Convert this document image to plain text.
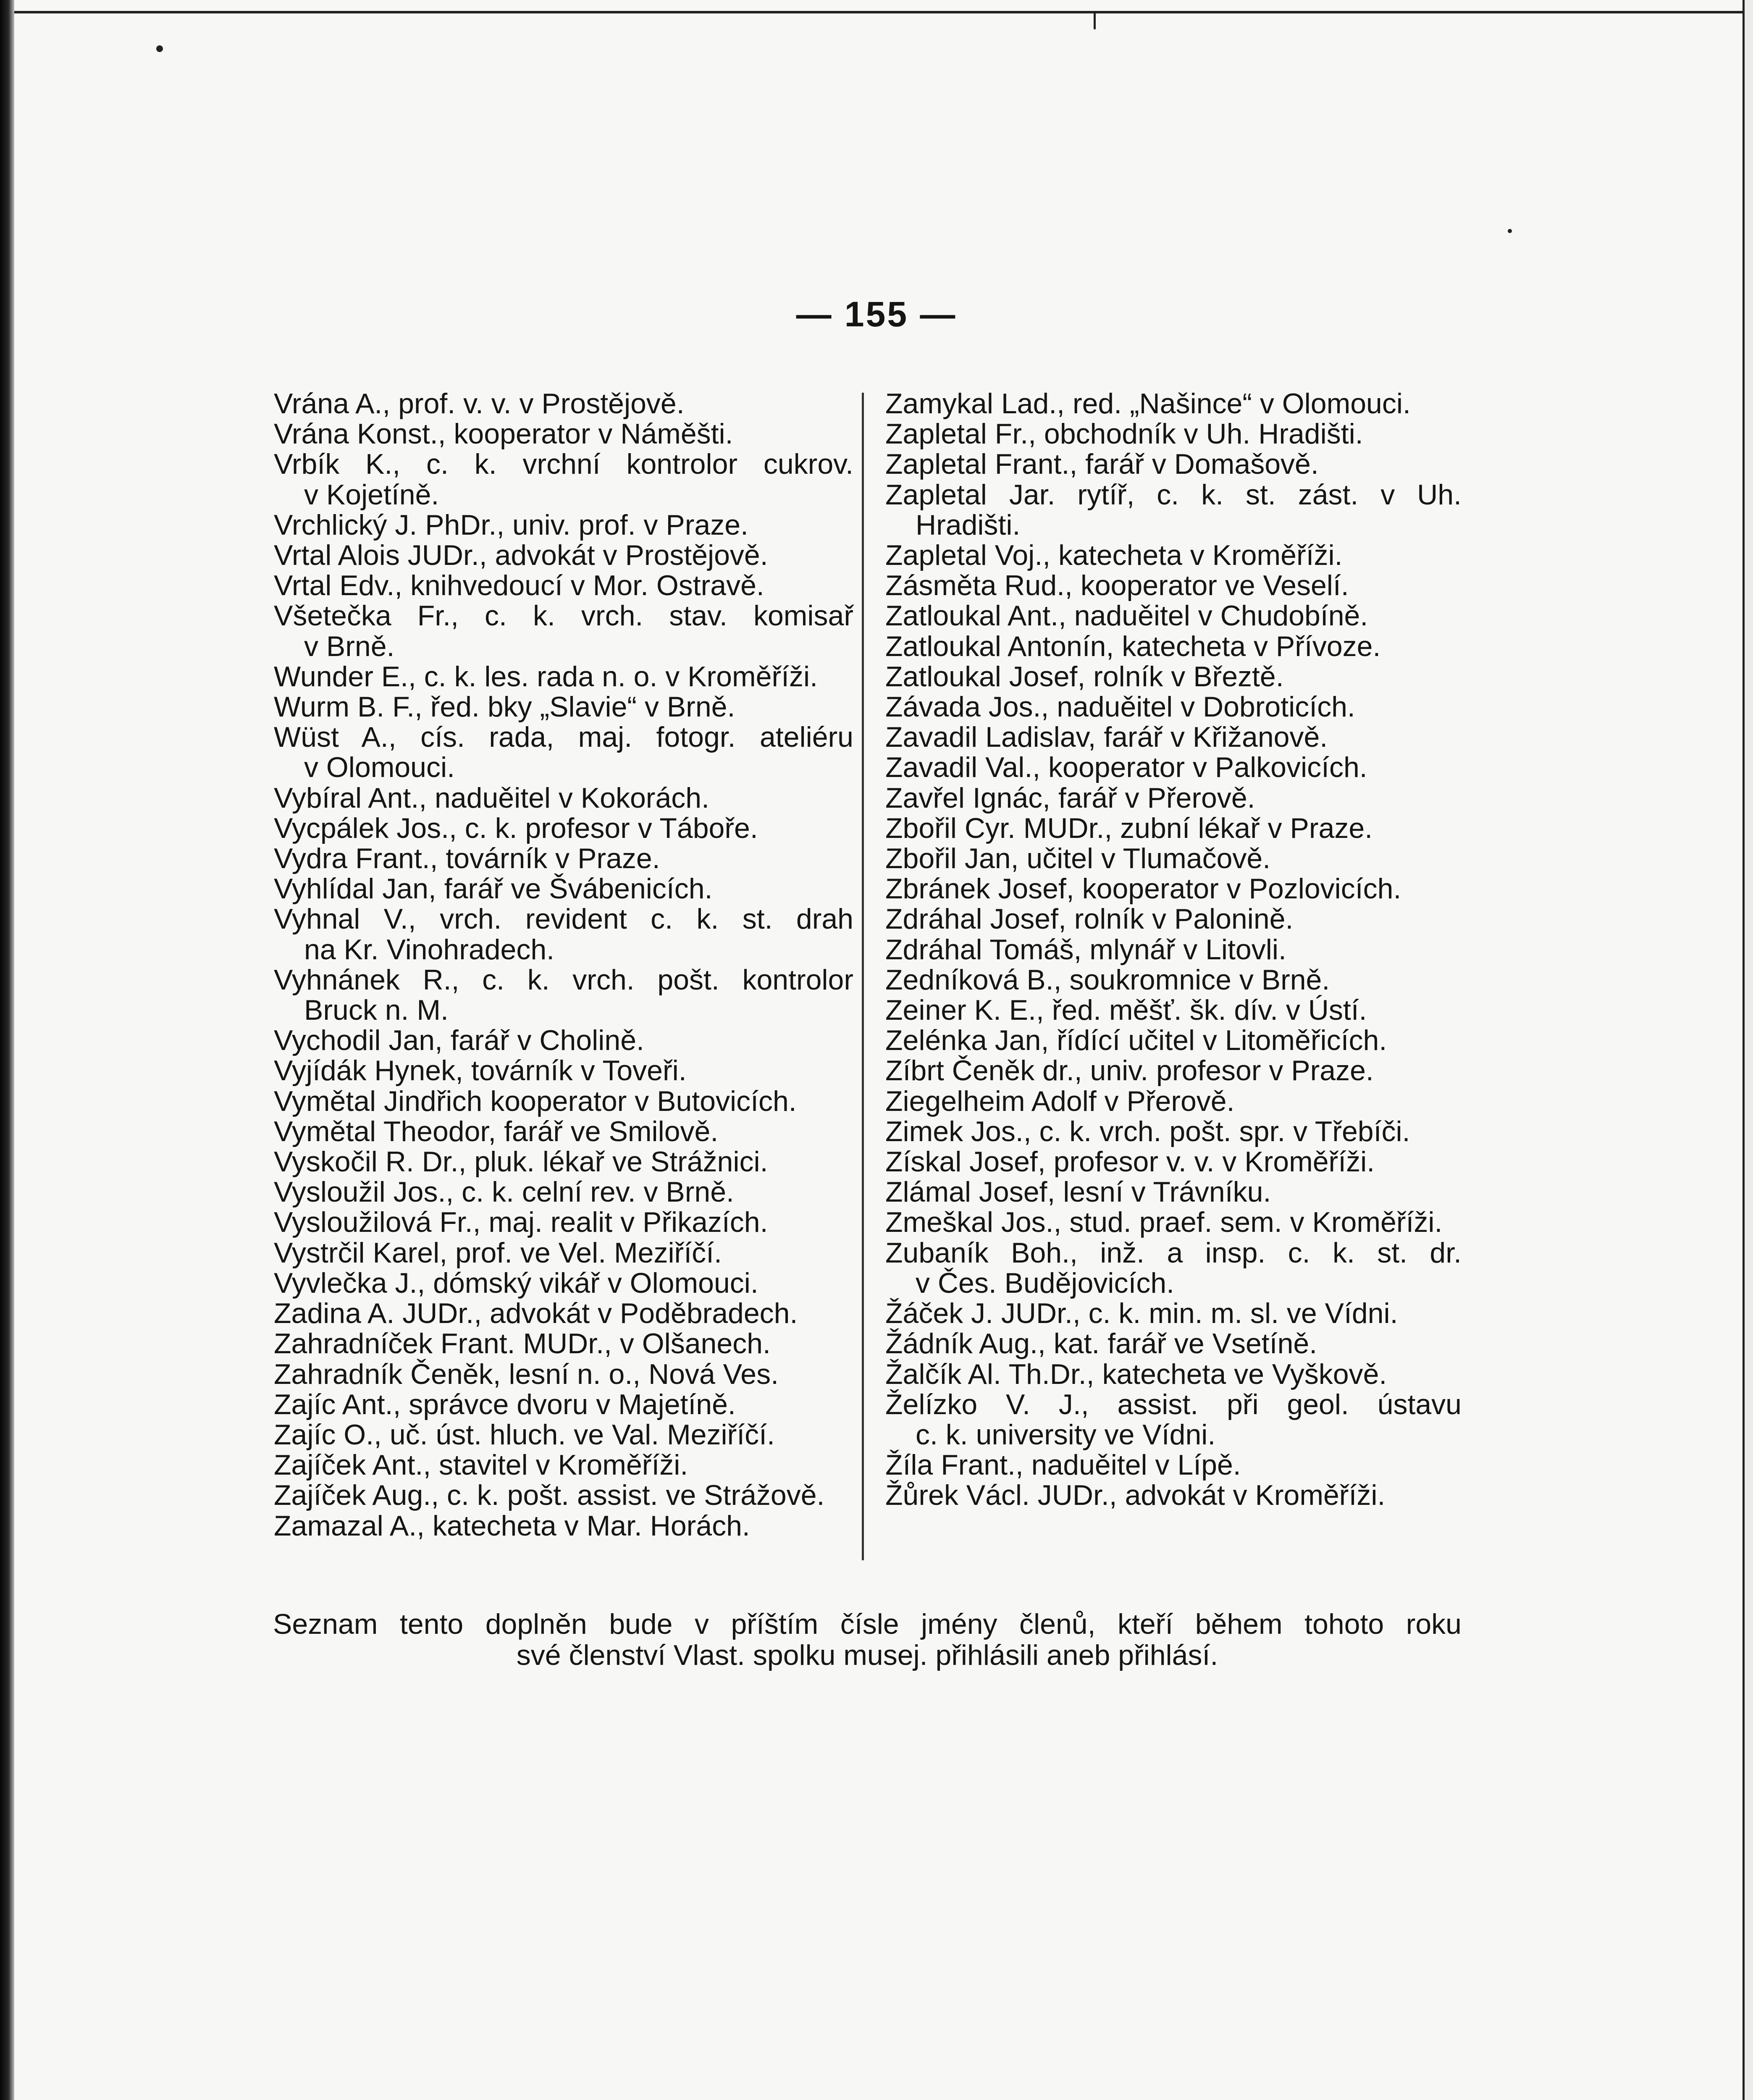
— 155 —
Vrána A., prof. v. v. v Prostějově.
Vrána Konst., kooperator v Náměšti.
Vrbík K., c. k. vrchní kontrolor cukrov.
v Kojetíně.
Vrchlický J. PhDr., univ. prof. v Praze.
Vrtal Alois JUDr., advokát v Prostějově.
Vrtal Edv., knihvedoucí v Mor. Ostravě.
Všetečka Fr., c. k. vrch. stav. komisař
v Brně.
Wunder E., c. k. les. rada n. o. v Kroměříži.
Wurm B. F., řed. bky „Slavie“ v Brně.
Wüst A., cís. rada, maj. fotogr. ateliéru
v Olomouci.
Vybíral Ant., naduěitel v Kokorách.
Vycpálek Jos., c. k. profesor v Táboře.
Vydra Frant., továrník v Praze.
Vyhlídal Jan, farář ve Švábenicích.
Vyhnal V., vrch. revident c. k. st. drah
na Kr. Vinohradech.
Vyhnánek R., c. k. vrch. pošt. kontrolor
Bruck n. M.
Vychodil Jan, farář v Cholině.
Vyjídák Hynek, továrník v Toveři.
Vymětal Jindřich kooperator v Butovicích.
Vymětal Theodor, farář ve Smilově.
Vyskočil R. Dr., pluk. lékař ve Strážnici.
Vysloužil Jos., c. k. celní rev. v Brně.
Vysloužilová Fr., maj. realit v Přikazích.
Vystrčil Karel, prof. ve Vel. Meziříčí.
Vyvlečka J., dómský vikář v Olomouci.
Zadina A. JUDr., advokát v Poděbradech.
Zahradníček Frant. MUDr., v Olšanech.
Zahradník Čeněk, lesní n. o., Nová Ves.
Zajíc Ant., správce dvoru v Majetíně.
Zajíc O., uč. úst. hluch. ve Val. Meziříčí.
Zajíček Ant., stavitel v Kroměříži.
Zajíček Aug., c. k. pošt. assist. ve Strážově.
Zamazal A., katecheta v Mar. Horách.
Zamykal Lad., red. „Našince“ v Olomouci.
Zapletal Fr., obchodník v Uh. Hradišti.
Zapletal Frant., farář v Domašově.
Zapletal Jar. rytíř, c. k. st. zást. v Uh.
Hradišti.
Zapletal Voj., katecheta v Kroměříži.
Zásměta Rud., kooperator ve Veselí.
Zatloukal Ant., naduěitel v Chudobíně.
Zatloukal Antonín, katecheta v Přívoze.
Zatloukal Josef, rolník v Březtě.
Závada Jos., naduěitel v Dobroticích.
Zavadil Ladislav, farář v Křižanově.
Zavadil Val., kooperator v Palkovicích.
Zavřel Ignác, farář v Přerově.
Zbořil Cyr. MUDr., zubní lékař v Praze.
Zbořil Jan, učitel v Tlumačově.
Zbránek Josef, kooperator v Pozlovicích.
Zdráhal Josef, rolník v Palonině.
Zdráhal Tomáš, mlynář v Litovli.
Zedníková B., soukromnice v Brně.
Zeiner K. E., řed. měšť. šk. dív. v Ústí.
Zelénka Jan, řídící učitel v Litoměřicích.
Zíbrt Čeněk dr., univ. profesor v Praze.
Ziegelheim Adolf v Přerově.
Zimek Jos., c. k. vrch. pošt. spr. v Třebíči.
Získal Josef, profesor v. v. v Kroměříži.
Zlámal Josef, lesní v Trávníku.
Zmeškal Jos., stud. praef. sem. v Kroměříži.
Zubaník Boh., inž. a insp. c. k. st. dr.
v Čes. Budějovicích.
Žáček J. JUDr., c. k. min. m. sl. ve Vídni.
Žádník Aug., kat. farář ve Vsetíně.
Žalčík Al. Th.Dr., katecheta ve Vyškově.
Želízko V. J., assist. při geol. ústavu
c. k. university ve Vídni.
Žíla Frant., naduěitel v Lípě.
Žůrek Václ. JUDr., advokát v Kroměříži.
Seznam tento doplněn bude v příštím čísle jmény členů, kteří během tohoto roku
své členství Vlast. spolku musej. přihlásili aneb přihlásí.
